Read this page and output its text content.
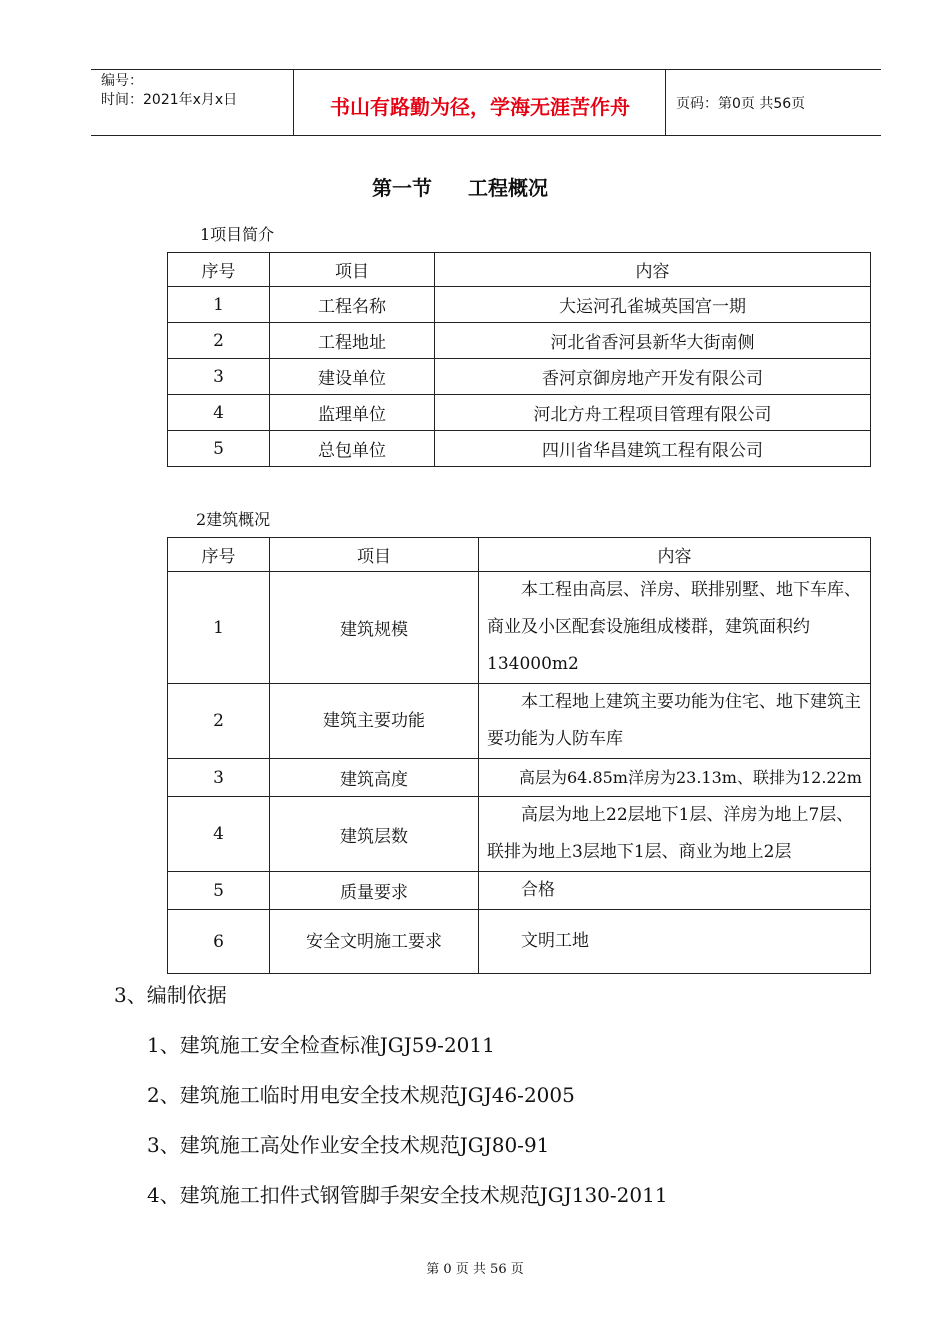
编号：
时间：2021年x月x日	书山有路勤为径，学海无涯苦作舟	页码：第0页 共56页
第一节 工程概况
1项目简介
序号	项目	内容
1	工程名称	大运河孔雀城英国宫一期
2	工程地址	河北省香河县新华大街南侧
3	建设单位	香河京御房地产开发有限公司
4	监理单位	河北方舟工程项目管理有限公司
5	总包单位	四川省华昌建筑工程有限公司
2建筑概况
序号	项目	内容
1	建筑规模	本工程由高层、洋房、联排别墅、地下车库、商业及小区配套设施组成楼群，建筑面积约134000m2
2	建筑主要功能	本工程地上建筑主要功能为住宅、地下建筑主要功能为人防车库
3	建筑高度	高层为64.85m洋房为23.13m、联排为12.22m
4	建筑层数	高层为地上22层地下1层、洋房为地上7层、联排为地上3层地下1层、商业为地上2层
5	质量要求	合格
6	安全文明施工要求	文明工地
3、编制依据
1、建筑施工安全检查标准JGJ59-2011
2、建筑施工临时用电安全技术规范JGJ46-2005
3、建筑施工高处作业安全技术规范JGJ80-91
4、建筑施工扣件式钢管脚手架安全技术规范JGJ130-2011
第 0 页 共 56 页
